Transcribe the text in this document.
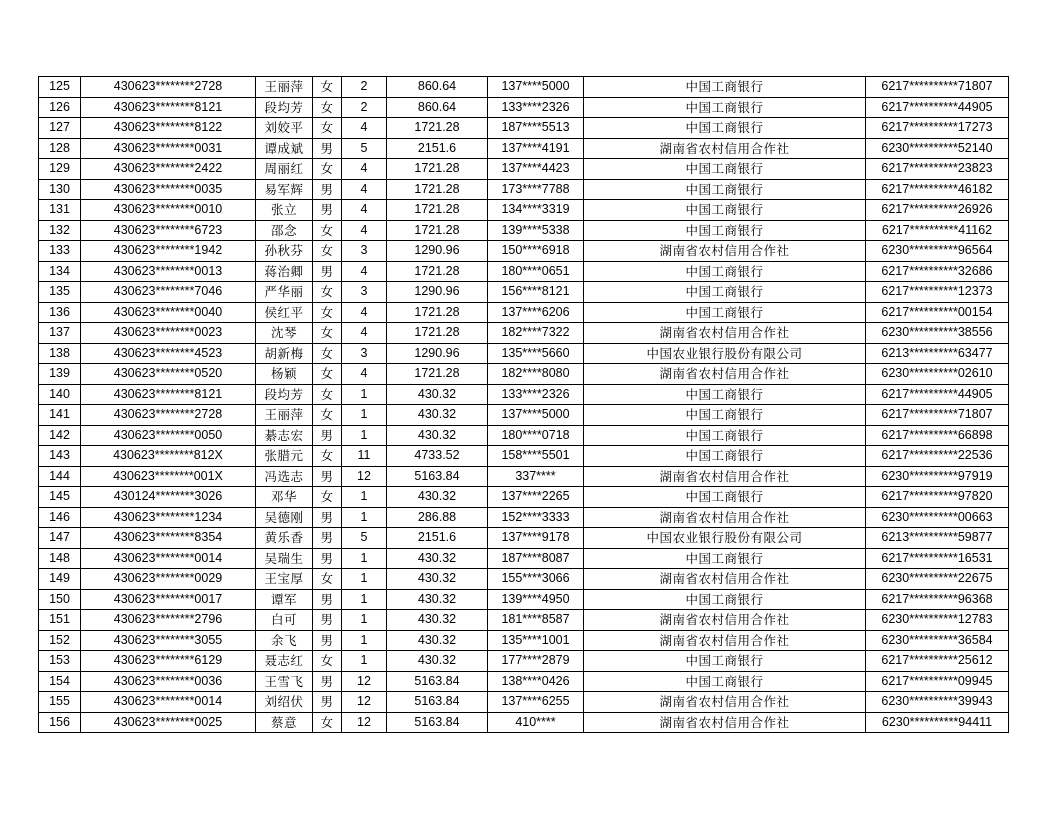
125	430623********2728	王丽萍	女	2	860.64	137****5000	中国工商银行	6217**********71807
126	430623********8121	段均芳	女	2	860.64	133****2326	中国工商银行	6217**********44905
127	430623********8122	刘姣平	女	4	1721.28	187****5513	中国工商银行	6217**********17273
128	430623********0031	谭成斌	男	5	2151.6	137****4191	湖南省农村信用合作社	6230**********52140
129	430623********2422	周丽红	女	4	1721.28	137****4423	中国工商银行	6217**********23823
130	430623********0035	易军辉	男	4	1721.28	173****7788	中国工商银行	6217**********46182
131	430623********0010	张立	男	4	1721.28	134****3319	中国工商银行	6217**********26926
132	430623********6723	邵念	女	4	1721.28	139****5338	中国工商银行	6217**********41162
133	430623********1942	孙秋芬	女	3	1290.96	150****6918	湖南省农村信用合作社	6230**********96564
134	430623********0013	蒋治卿	男	4	1721.28	180****0651	中国工商银行	6217**********32686
135	430623********7046	严华丽	女	3	1290.96	156****8121	中国工商银行	6217**********12373
136	430623********0040	侯红平	女	4	1721.28	137****6206	中国工商银行	6217**********00154
137	430623********0023	沈琴	女	4	1721.28	182****7322	湖南省农村信用合作社	6230**********38556
138	430623********4523	胡新梅	女	3	1290.96	135****5660	中国农业银行股份有限公司	6213**********63477
139	430623********0520	杨颖	女	4	1721.28	182****8080	湖南省农村信用合作社	6230**********02610
140	430623********8121	段均芳	女	1	430.32	133****2326	中国工商银行	6217**********44905
141	430623********2728	王丽萍	女	1	430.32	137****5000	中国工商银行	6217**********71807
142	430623********0050	綦志宏	男	1	430.32	180****0718	中国工商银行	6217**********66898
143	430623********812X	张腊元	女	11	4733.52	158****5501	中国工商银行	6217**********22536
144	430623********001X	冯选志	男	12	5163.84	337****	湖南省农村信用合作社	6230**********97919
145	430124********3026	邓华	女	1	430.32	137****2265	中国工商银行	6217**********97820
146	430623********1234	吴德刚	男	1	286.88	152****3333	湖南省农村信用合作社	6230**********00663
147	430623********8354	黄乐香	男	5	2151.6	137****9178	中国农业银行股份有限公司	6213**********59877
148	430623********0014	吴瑞生	男	1	430.32	187****8087	中国工商银行	6217**********16531
149	430623********0029	王宝厚	女	1	430.32	155****3066	湖南省农村信用合作社	6230**********22675
150	430623********0017	谭军	男	1	430.32	139****4950	中国工商银行	6217**********96368
151	430623********2796	白可	男	1	430.32	181****8587	湖南省农村信用合作社	6230**********12783
152	430623********3055	余飞	男	1	430.32	135****1001	湖南省农村信用合作社	6230**********36584
153	430623********6129	聂志红	女	1	430.32	177****2879	中国工商银行	6217**********25612
154	430623********0036	王雪飞	男	12	5163.84	138****0426	中国工商银行	6217**********09945
155	430623********0014	刘绍伏	男	12	5163.84	137****6255	湖南省农村信用合作社	6230**********39943
156	430623********0025	蔡意	女	12	5163.84	410****	湖南省农村信用合作社	6230**********94411
